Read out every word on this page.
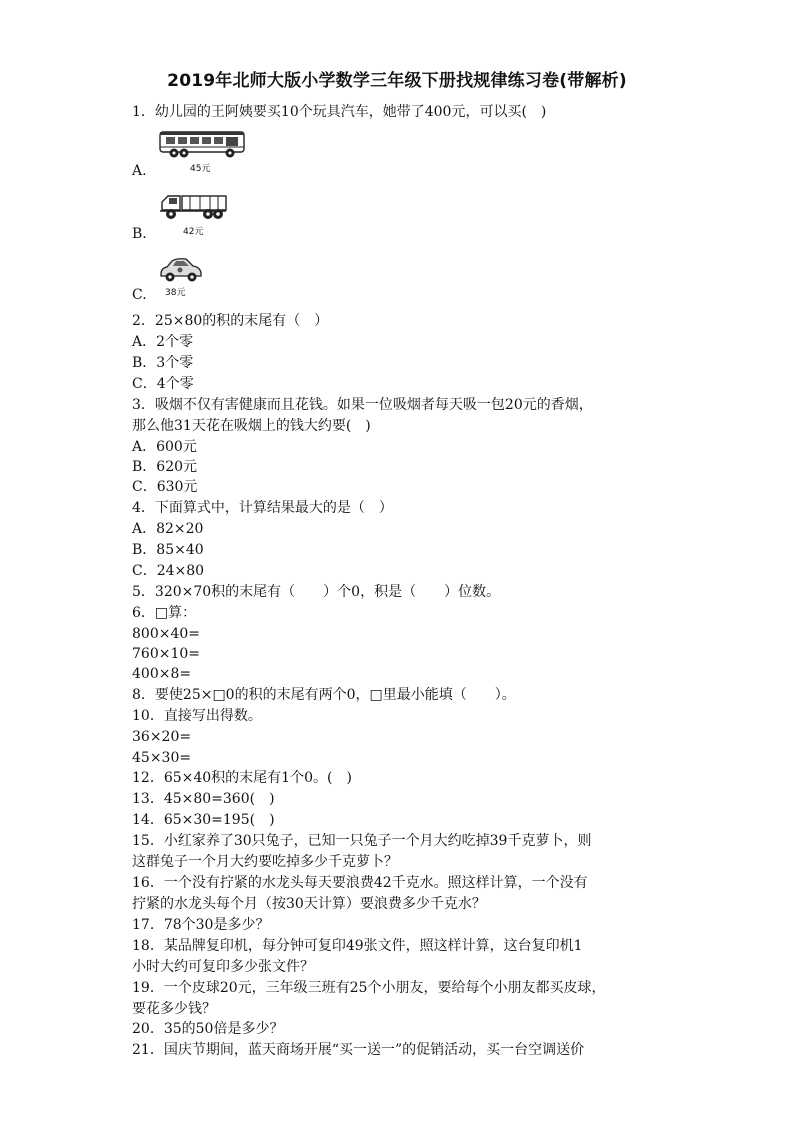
2019年北师大版小学数学三年级下册找规律练习卷(带解析)
1．幼儿园的王阿姨要买10个玩具汽车，她带了400元，可以买(　)
45元
A.
42元
B.
38元
C.
2．25×80的积的末尾有（　）
A．2个零
B．3个零
C．4个零
3．吸烟不仅有害健康而且花钱。如果一位吸烟者每天吸一包20元的香烟，
那么他31天花在吸烟上的钱大约要(　)
A．600元
B．620元
C．630元
4．下面算式中，计算结果最大的是（　）
A．82×20
B．85×40
C．24×80
5．320×70积的末尾有（　　）个0，积是（　　）位数。
6．□算：
800×40=
760×10=
400×8=
8．要使25×□0的积的末尾有两个0，□里最小能填（　　）。
10．直接写出得数。
36×20=
45×30=
12．65×40积的末尾有1个0。(　)
13．45×80=360(　)
14．65×30=195(　)
15．小红家养了30只兔子，已知一只兔子一个月大约吃掉39千克萝卜，则
这群兔子一个月大约要吃掉多少千克萝卜？
16．一个没有拧紧的水龙头每天要浪费42千克水。照这样计算，一个没有
拧紧的水龙头每个月（按30天计算）要浪费多少千克水？
17．78个30是多少？
18．某品牌复印机，每分钟可复印49张文件，照这样计算，这台复印机1
小时大约可复印多少张文件？
19．一个皮球20元，三年级三班有25个小朋友，要给每个小朋友都买皮球，
要花多少钱？
20．35的50倍是多少？
21．国庆节期间，蓝天商场开展“买一送一”的促销活动，买一台空调送价
